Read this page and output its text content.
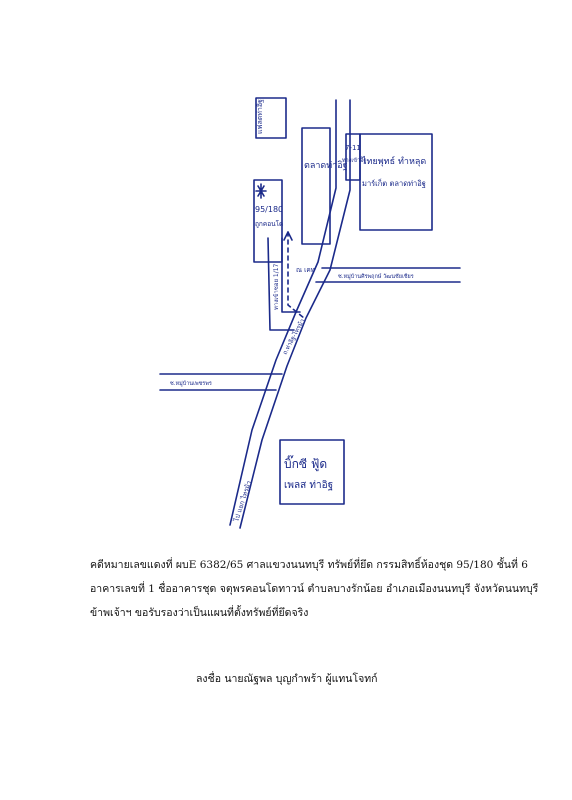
แฟลตท่าอิฐ
ตลาดท่าอิฐ
7-11
ทางเข้าอิฐ
ไทยพุทธ์ ทำหลุด
มาร์เก็ต ตลาดท่าอิฐ
95/180
ถูกคอนโด
ทางเข้าซอย 1/17 ณ เคท
ซ.หมู่บ้านศิรพฤกษ์ วัฒนชัยเชียร
ถ.ท่าอิฐ-ไทรม้า
ซ.หมู่บ้านเพชรพร
บิ๊กซี ฟู้ด
เพลส ท่าอิฐ
ไป แยก ไทรม้า

คดีหมายเลขแดงที่ ผบE 6382/65 ศาลแขวงนนทบุรี ทรัพย์ที่ยึด กรรมสิทธิ์ห้องชุด 95/180 ชั้นที่ 6

อาคารเลขที่ 1 ชื่ออาคารชุด จตุพรคอนโดทาวน์ ตำบลบางรักน้อย อำเภอเมืองนนทบุรี จังหวัดนนทบุรี

ข้าพเจ้าฯ ขอรับรองว่าเป็นแผนที่ตั้งทรัพย์ที่ยึดจริง

ลงชื่อ นายณัฐพล บุญกำพร้า ผู้แทนโจทก์
